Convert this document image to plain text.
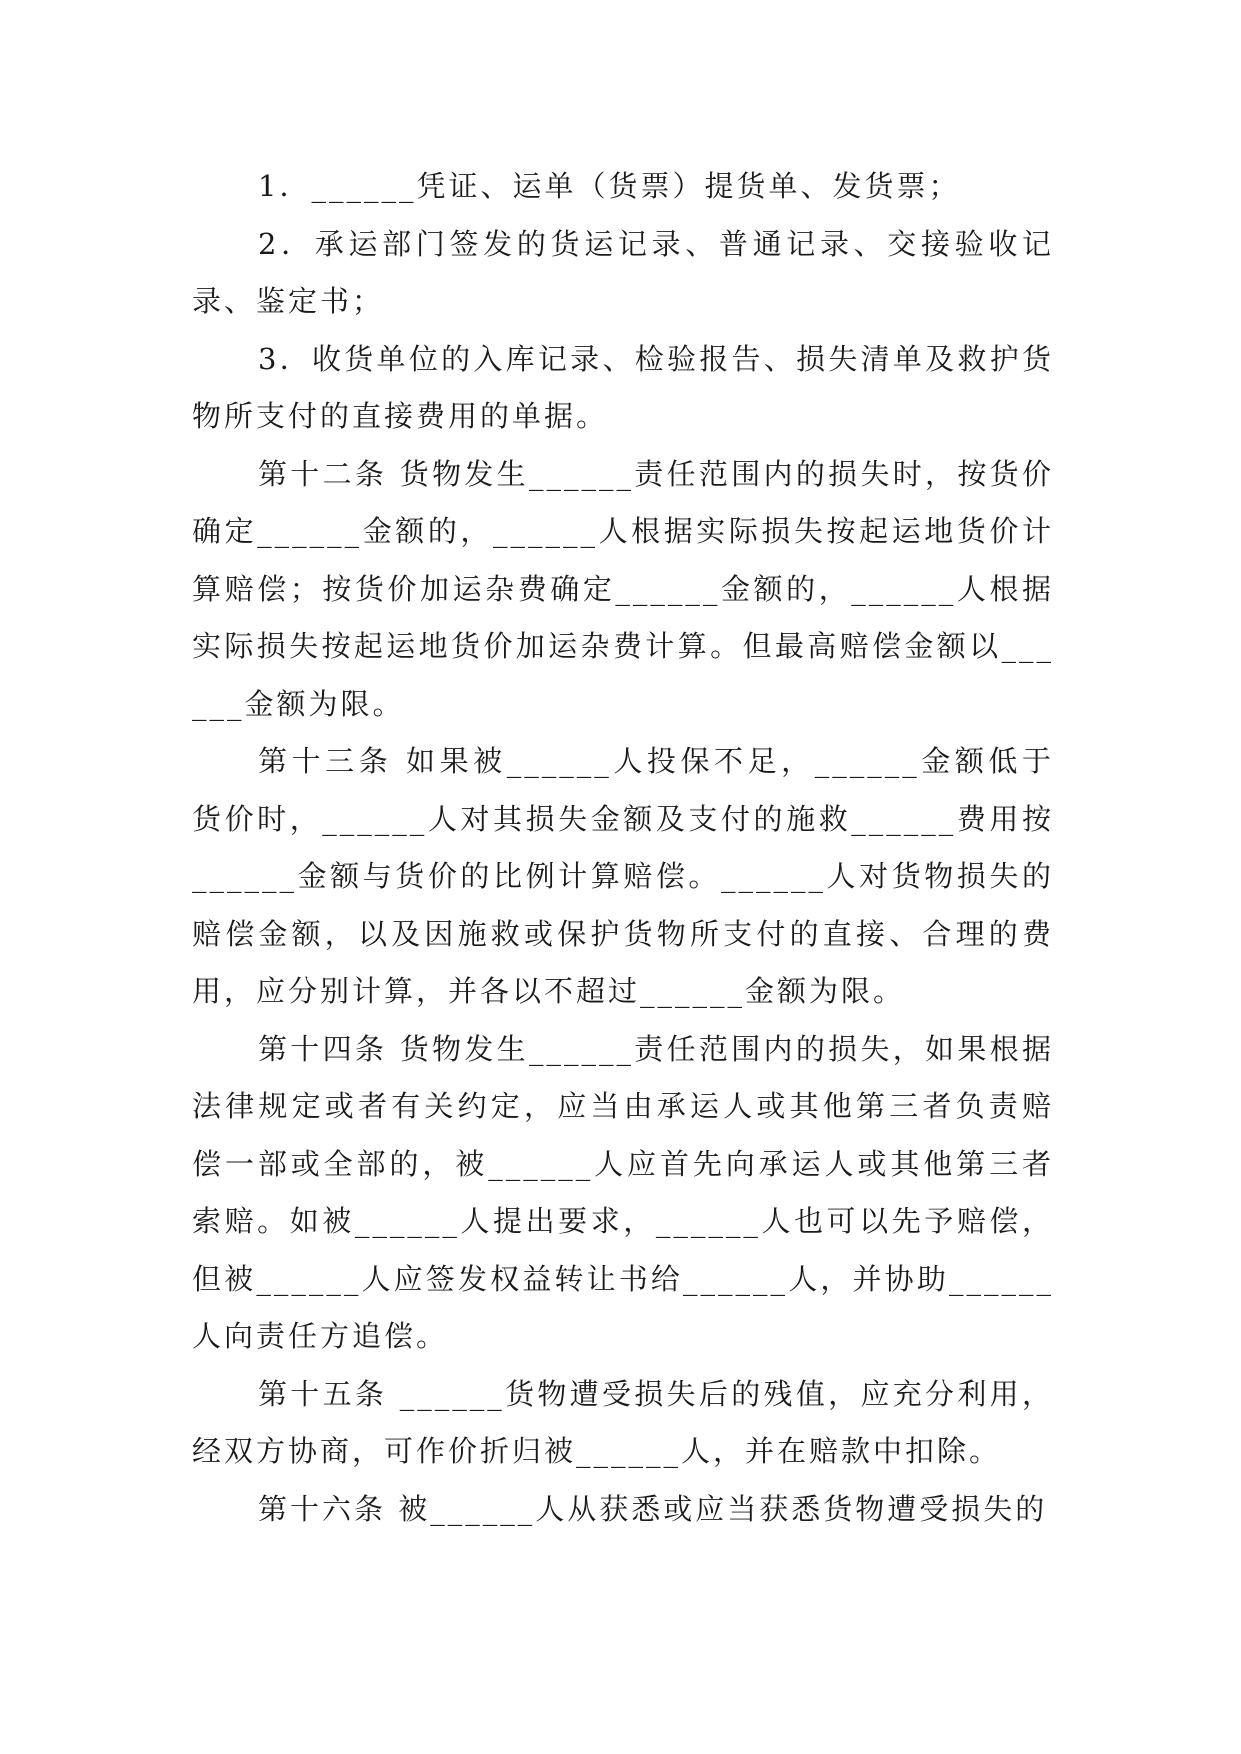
1．______凭证、运单（货票）提货单、发货票；

2．承运部门签发的货运记录、普通记录、交接验收记录、鉴定书；

3．收货单位的入库记录、检验报告、损失清单及救护货物所支付的直接费用的单据。

第十二条 货物发生______责任范围内的损失时，按货价确定______金额的，______人根据实际损失按起运地货价计算赔偿；按货价加运杂费确定______金额的，______人根据实际损失按起运地货价加运杂费计算。但最高赔偿金额以______金额为限。

第十三条 如果被______人投保不足，______金额低于货价时，______人对其损失金额及支付的施救______费用按______金额与货价的比例计算赔偿。______人对货物损失的赔偿金额，以及因施救或保护货物所支付的直接、合理的费用，应分别计算，并各以不超过______金额为限。

第十四条 货物发生______责任范围内的损失，如果根据法律规定或者有关约定，应当由承运人或其他第三者负责赔偿一部或全部的，被______人应首先向承运人或其他第三者索赔。如被______人提出要求，______人也可以先予赔偿，但被______人应签发权益转让书给______人，并协助______人向责任方追偿。

第十五条 ______货物遭受损失后的残值，应充分利用，经双方协商，可作价折归被______人，并在赔款中扣除。

第十六条 被______人从获悉或应当获悉货物遭受损失的
